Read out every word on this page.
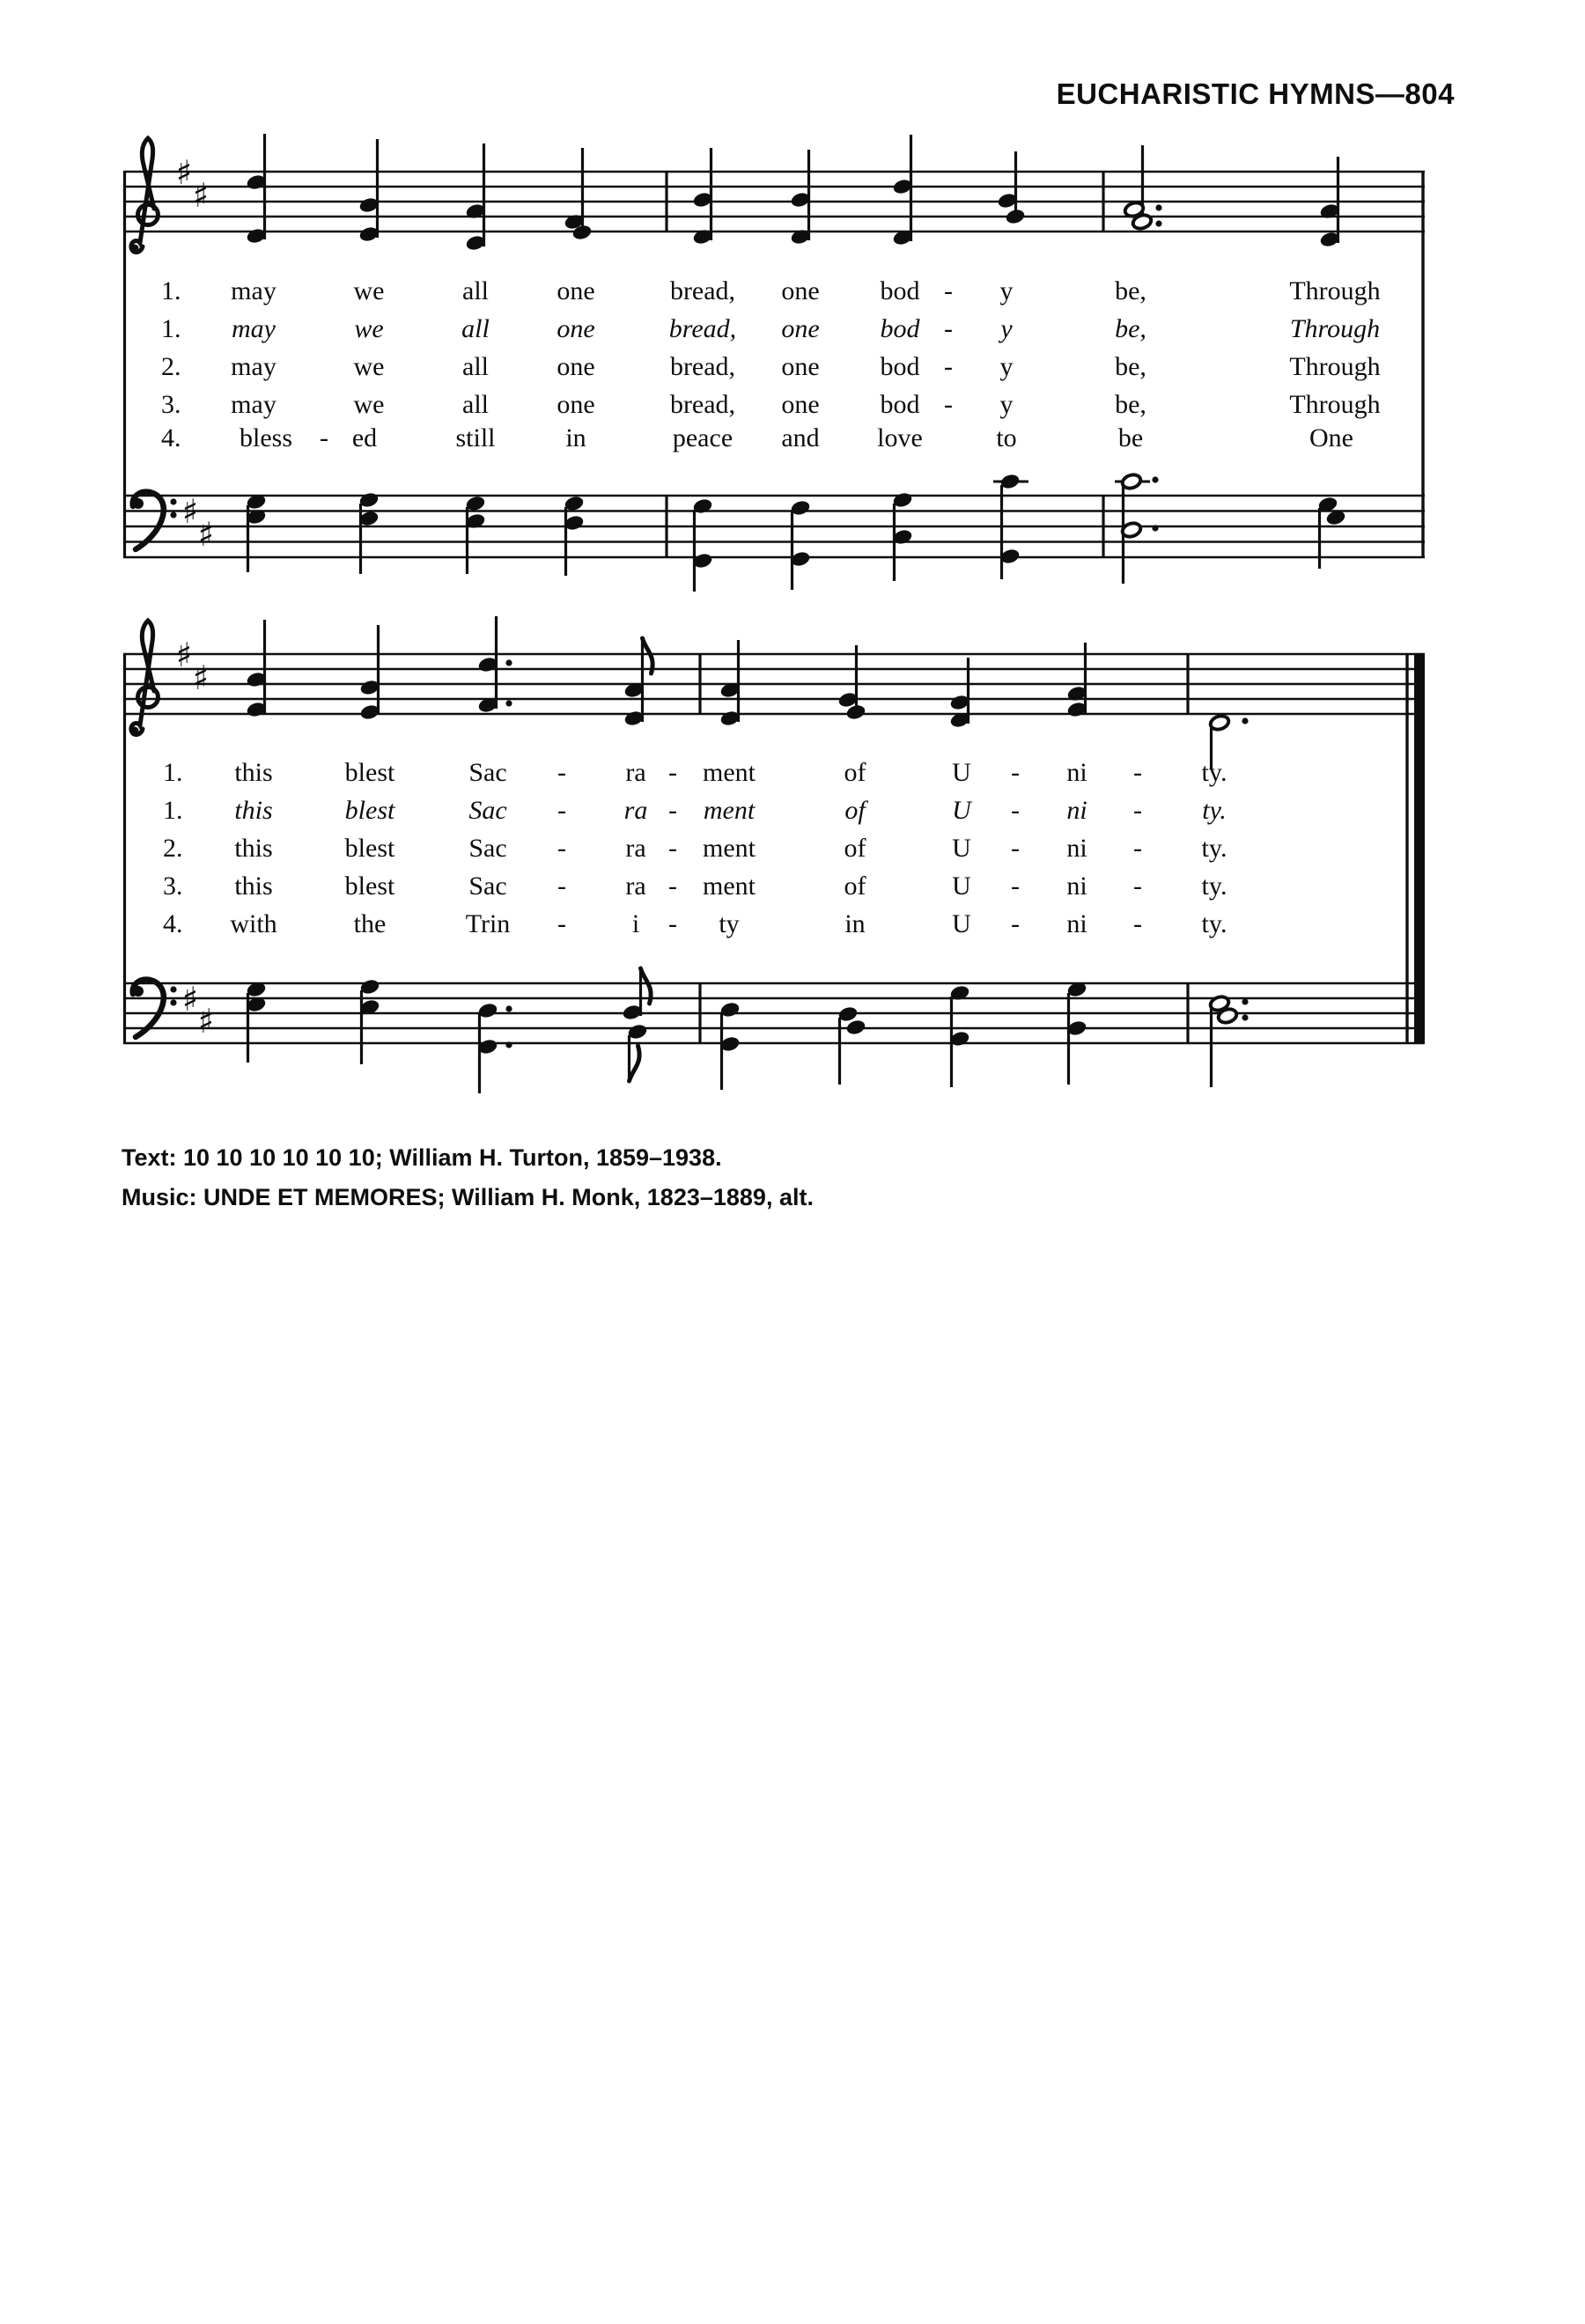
EUCHARISTIC HYMNS—804
♯
♯
♯
♯
♯
♯
♯
♯
1. may	we	all	one	bread, one bod - y	be,	Through
1. may	we	all	one	bread, one bod - y	be,	Through
2. may	we	all	one	bread, one bod - y	be,	Through
3. may	we	all	one	bread, one bod - y	be,	Through
4. bless - ed	still	in	peace and love	to	be	One
1. this	blest	Sac - ra - ment	of	U - ni - ty.
1. this	blest	Sac - ra - ment	of	U - ni - ty.
2. this	blest	Sac - ra - ment	of	U - ni - ty.
3. this	blest	Sac - ra - ment	of	U - ni - ty.
4. with	the	Trin - i - ty	in	U - ni - ty.
Text: 10 10 10 10 10 10; William H. Turton, 1859–1938.
Music: UNDE ET MEMORES; William H. Monk, 1823–1889, alt.
